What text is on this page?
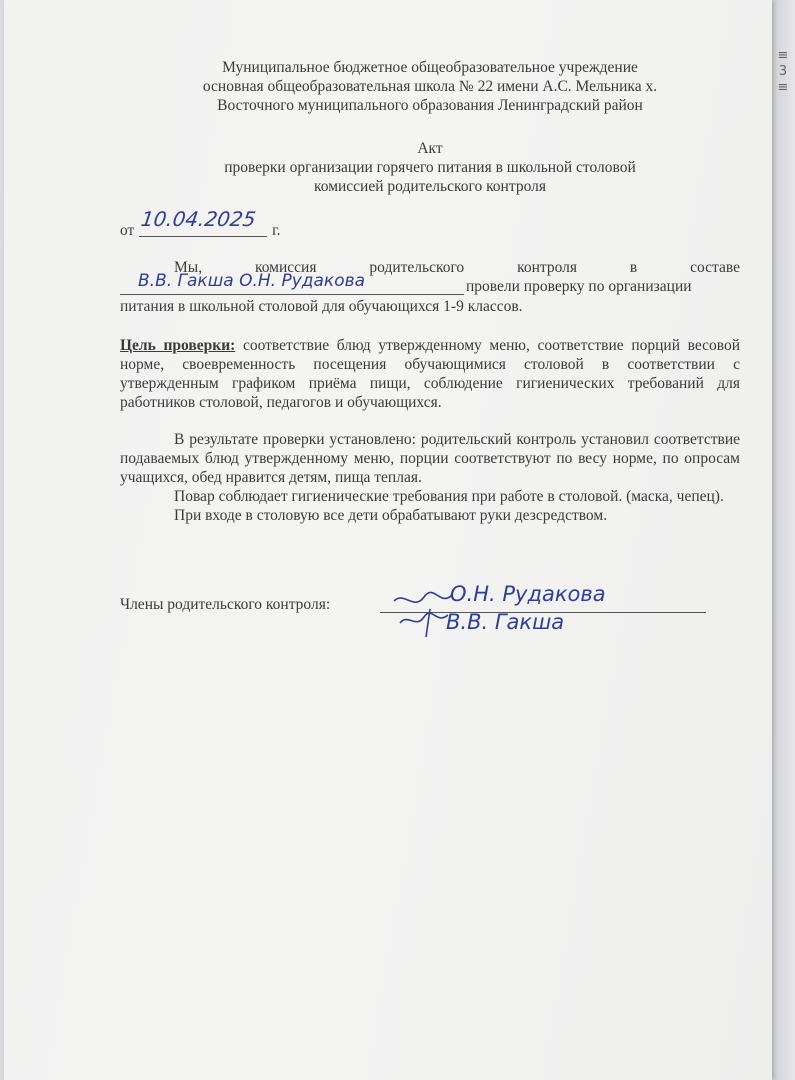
≡ 3 ≡

Муниципальное бюджетное общеобразовательное учреждение

основная общеобразовательная школа № 22 имени А.С. Мельника х.

Восточного муниципального образования Ленинградский район

Акт

проверки организации горячего питания в школьной столовой

комиссией родительского контроля

от 10.04.2025 г.

Мы, комиссия родительского контроля в составе

В.В. Гакша О.Н. Рудакова	провели проверку по организации

питания в школьной столовой для обучающихся 1-9 классов.

Цель проверки: соответствие блюд утвержденному меню, соответствие порций весовой норме, своевременность посещения обучающимися столовой в соответствии с утвержденным графиком приёма пищи, соблюдение гигиенических требований для работников столовой, педагогов и обучающихся.

В результате проверки установлено: родительский контроль установил соответствие подаваемых блюд утвержденному меню, порции соответствуют по весу норме, по опросам учащихся, обед нравится детям, пища теплая.

Повар соблюдает гигиенические требования при работе в столовой. (маска, чепец).

При входе в столовую все дети обрабатывают руки дезсредством.

Члены родительского контроля:	О.Н. Рудакова
В.В. Гакша
